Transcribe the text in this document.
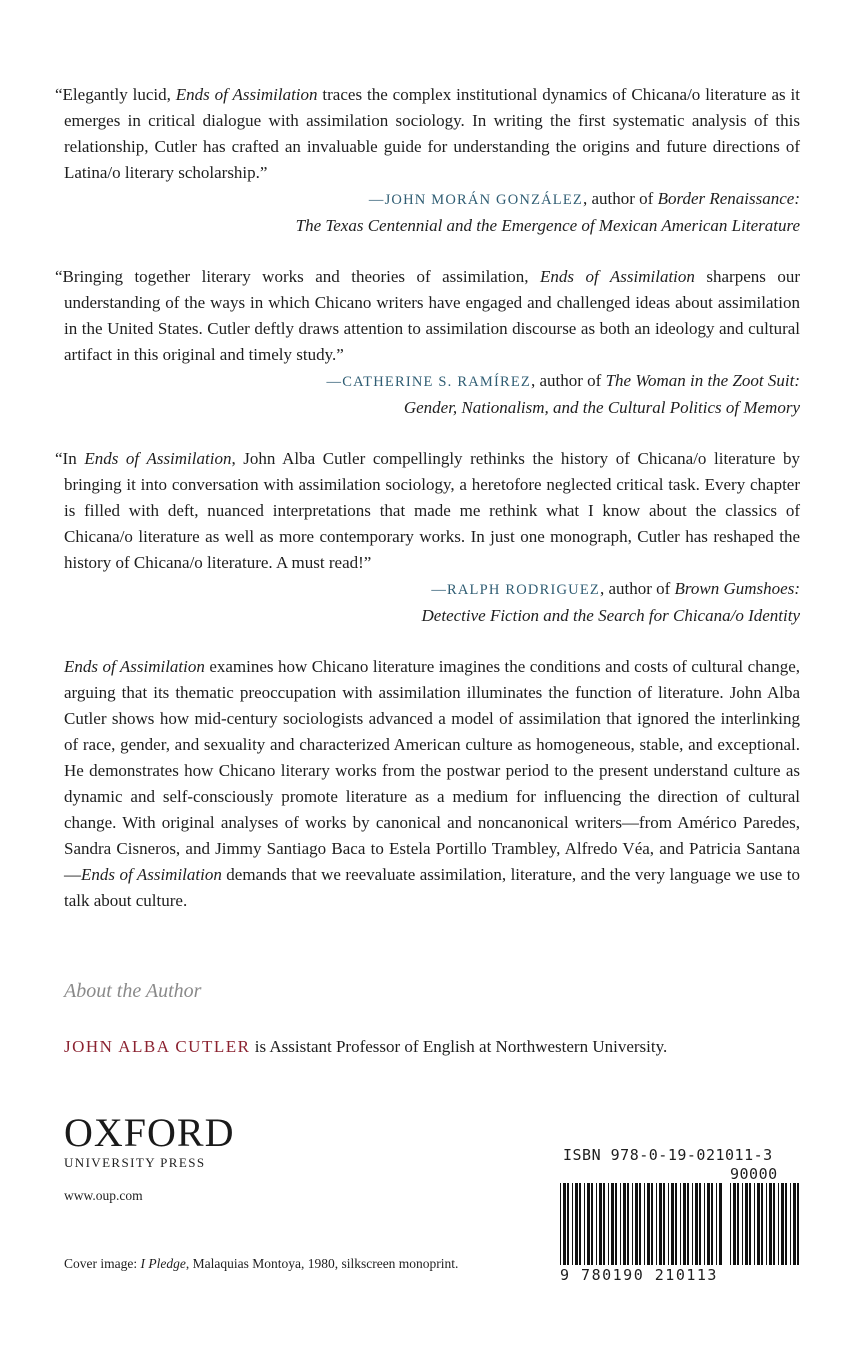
“Elegantly lucid, Ends of Assimilation traces the complex institutional dynamics of Chicana/o literature as it emerges in critical dialogue with assimilation sociology. In writing the first systematic analysis of this relationship, Cutler has crafted an invaluable guide for understanding the origins and future directions of Latina/o literary scholarship.”

—JOHN MORÁN GONZÁLEZ, author of Border Renaissance:
The Texas Centennial and the Emergence of Mexican American Literature

“Bringing together literary works and theories of assimilation, Ends of Assimilation sharpens our understanding of the ways in which Chicano writers have engaged and challenged ideas about assimilation in the United States. Cutler deftly draws attention to assimilation discourse as both an ideology and cultural artifact in this original and timely study.”

—CATHERINE S. RAMÍREZ, author of The Woman in the Zoot Suit:
Gender, Nationalism, and the Cultural Politics of Memory

“In Ends of Assimilation, John Alba Cutler compellingly rethinks the history of Chicana/o literature by bringing it into conversation with assimilation sociology, a heretofore neglected critical task. Every chapter is filled with deft, nuanced interpretations that made me rethink what I know about the classics of Chicana/o literature as well as more contemporary works. In just one monograph, Cutler has reshaped the history of Chicana/o literature. A must read!”

—RALPH RODRIGUEZ, author of Brown Gumshoes:
Detective Fiction and the Search for Chicana/o Identity

Ends of Assimilation examines how Chicano literature imagines the conditions and costs of cultural change, arguing that its thematic preoccupation with assimilation illuminates the function of literature. John Alba Cutler shows how mid-century sociologists advanced a model of assimilation that ignored the interlinking of race, gender, and sexuality and characterized American culture as homogeneous, stable, and exceptional. He demonstrates how Chicano literary works from the postwar period to the present understand culture as dynamic and self-consciously promote literature as a medium for influencing the direction of cultural change. With original analyses of works by canonical and noncanonical writers—from Américo Paredes, Sandra Cisneros, and Jimmy Santiago Baca to Estela Portillo Trambley, Alfredo Véa, and Patricia Santana—Ends of Assimilation demands that we reevaluate assimilation, literature, and the very language we use to talk about culture.

About the Author

JOHN ALBA CUTLER is Assistant Professor of English at Northwestern University.

OXFORD
UNIVERSITY PRESS
www.oup.com
Cover image: I Pledge, Malaquias Montoya, 1980, silkscreen monoprint.
ISBN 978-0-19-021011-3
90000
9 780190 210113
